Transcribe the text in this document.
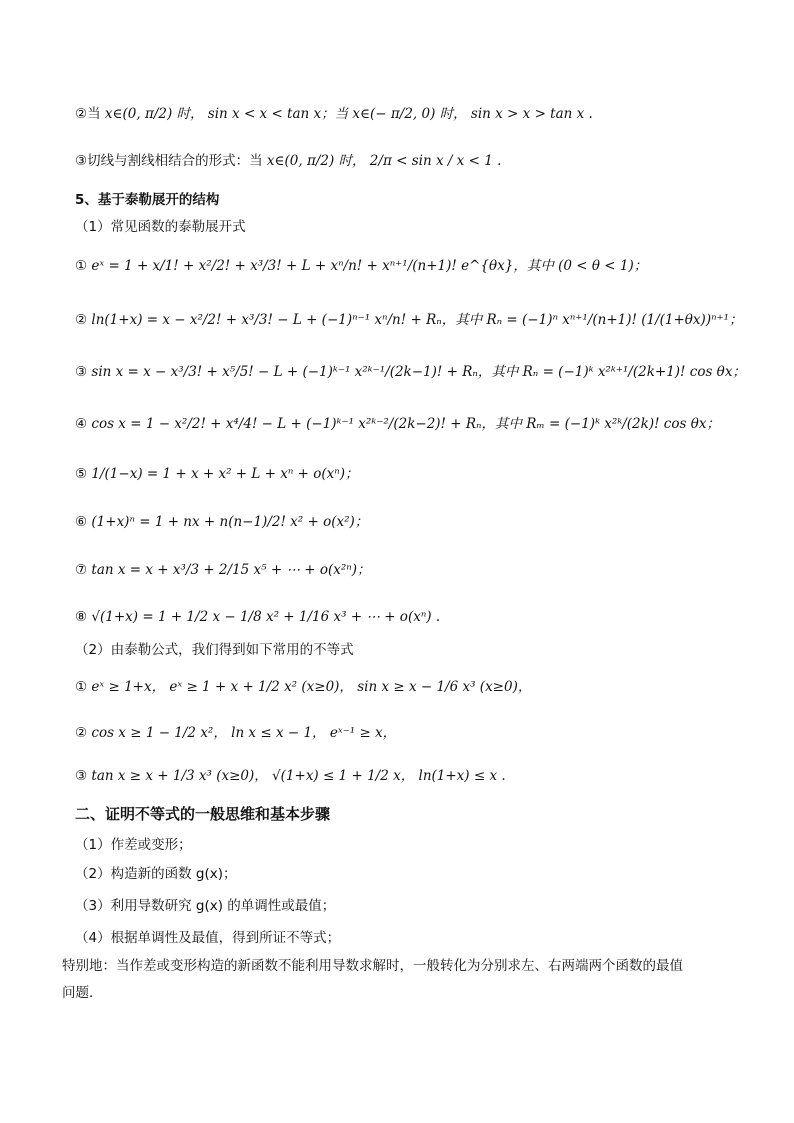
②当 x∈(0, π/2) 时， sin x < x < tan x；当 x∈(− π/2, 0) 时， sin x > x > tan x .
③切线与割线相结合的形式：当 x∈(0, π/2) 时， 2/π < sin x / x < 1 .
5、基于泰勒展开的结构
（1）常见函数的泰勒展开式
① eˣ = 1 + x/1! + x²/2! + x³/3! + L + xⁿ/n! + xⁿ⁺¹/(n+1)! e^{θx}，其中 (0 < θ < 1)；
② ln(1+x) = x − x²/2! + x³/3! − L + (−1)ⁿ⁻¹ xⁿ/n! + Rₙ，其中 Rₙ = (−1)ⁿ xⁿ⁺¹/(n+1)! (1/(1+θx))ⁿ⁺¹；
③ sin x = x − x³/3! + x⁵/5! − L + (−1)ᵏ⁻¹ x²ᵏ⁻¹/(2k−1)! + Rₙ，其中 Rₙ = (−1)ᵏ x²ᵏ⁺¹/(2k+1)! cos θx；
④ cos x = 1 − x²/2! + x⁴/4! − L + (−1)ᵏ⁻¹ x²ᵏ⁻²/(2k−2)! + Rₙ，其中 Rₘ = (−1)ᵏ x²ᵏ/(2k)! cos θx；
⑤ 1/(1−x) = 1 + x + x² + L + xⁿ + o(xⁿ)；
⑥ (1+x)ⁿ = 1 + nx + n(n−1)/2! x² + o(x²)；
⑦ tan x = x + x³/3 + 2/15 x⁵ + ⋯ + o(x²ⁿ)；
⑧ √(1+x) = 1 + 1/2 x − 1/8 x² + 1/16 x³ + ⋯ + o(xⁿ) .
（2）由泰勒公式，我们得到如下常用的不等式
① eˣ ≥ 1+x， eˣ ≥ 1 + x + 1/2 x² (x≥0)， sin x ≥ x − 1/6 x³ (x≥0)，
② cos x ≥ 1 − 1/2 x²， ln x ≤ x − 1， eˣ⁻¹ ≥ x，
③ tan x ≥ x + 1/3 x³ (x≥0)， √(1+x) ≤ 1 + 1/2 x， ln(1+x) ≤ x .
二、证明不等式的一般思维和基本步骤
（1）作差或变形；
（2）构造新的函数 g(x)；
（3）利用导数研究 g(x) 的单调性或最值；
（4）根据单调性及最值，得到所证不等式；
特别地：当作差或变形构造的新函数不能利用导数求解时，一般转化为分别求左、右两端两个函数的最值
问题．
